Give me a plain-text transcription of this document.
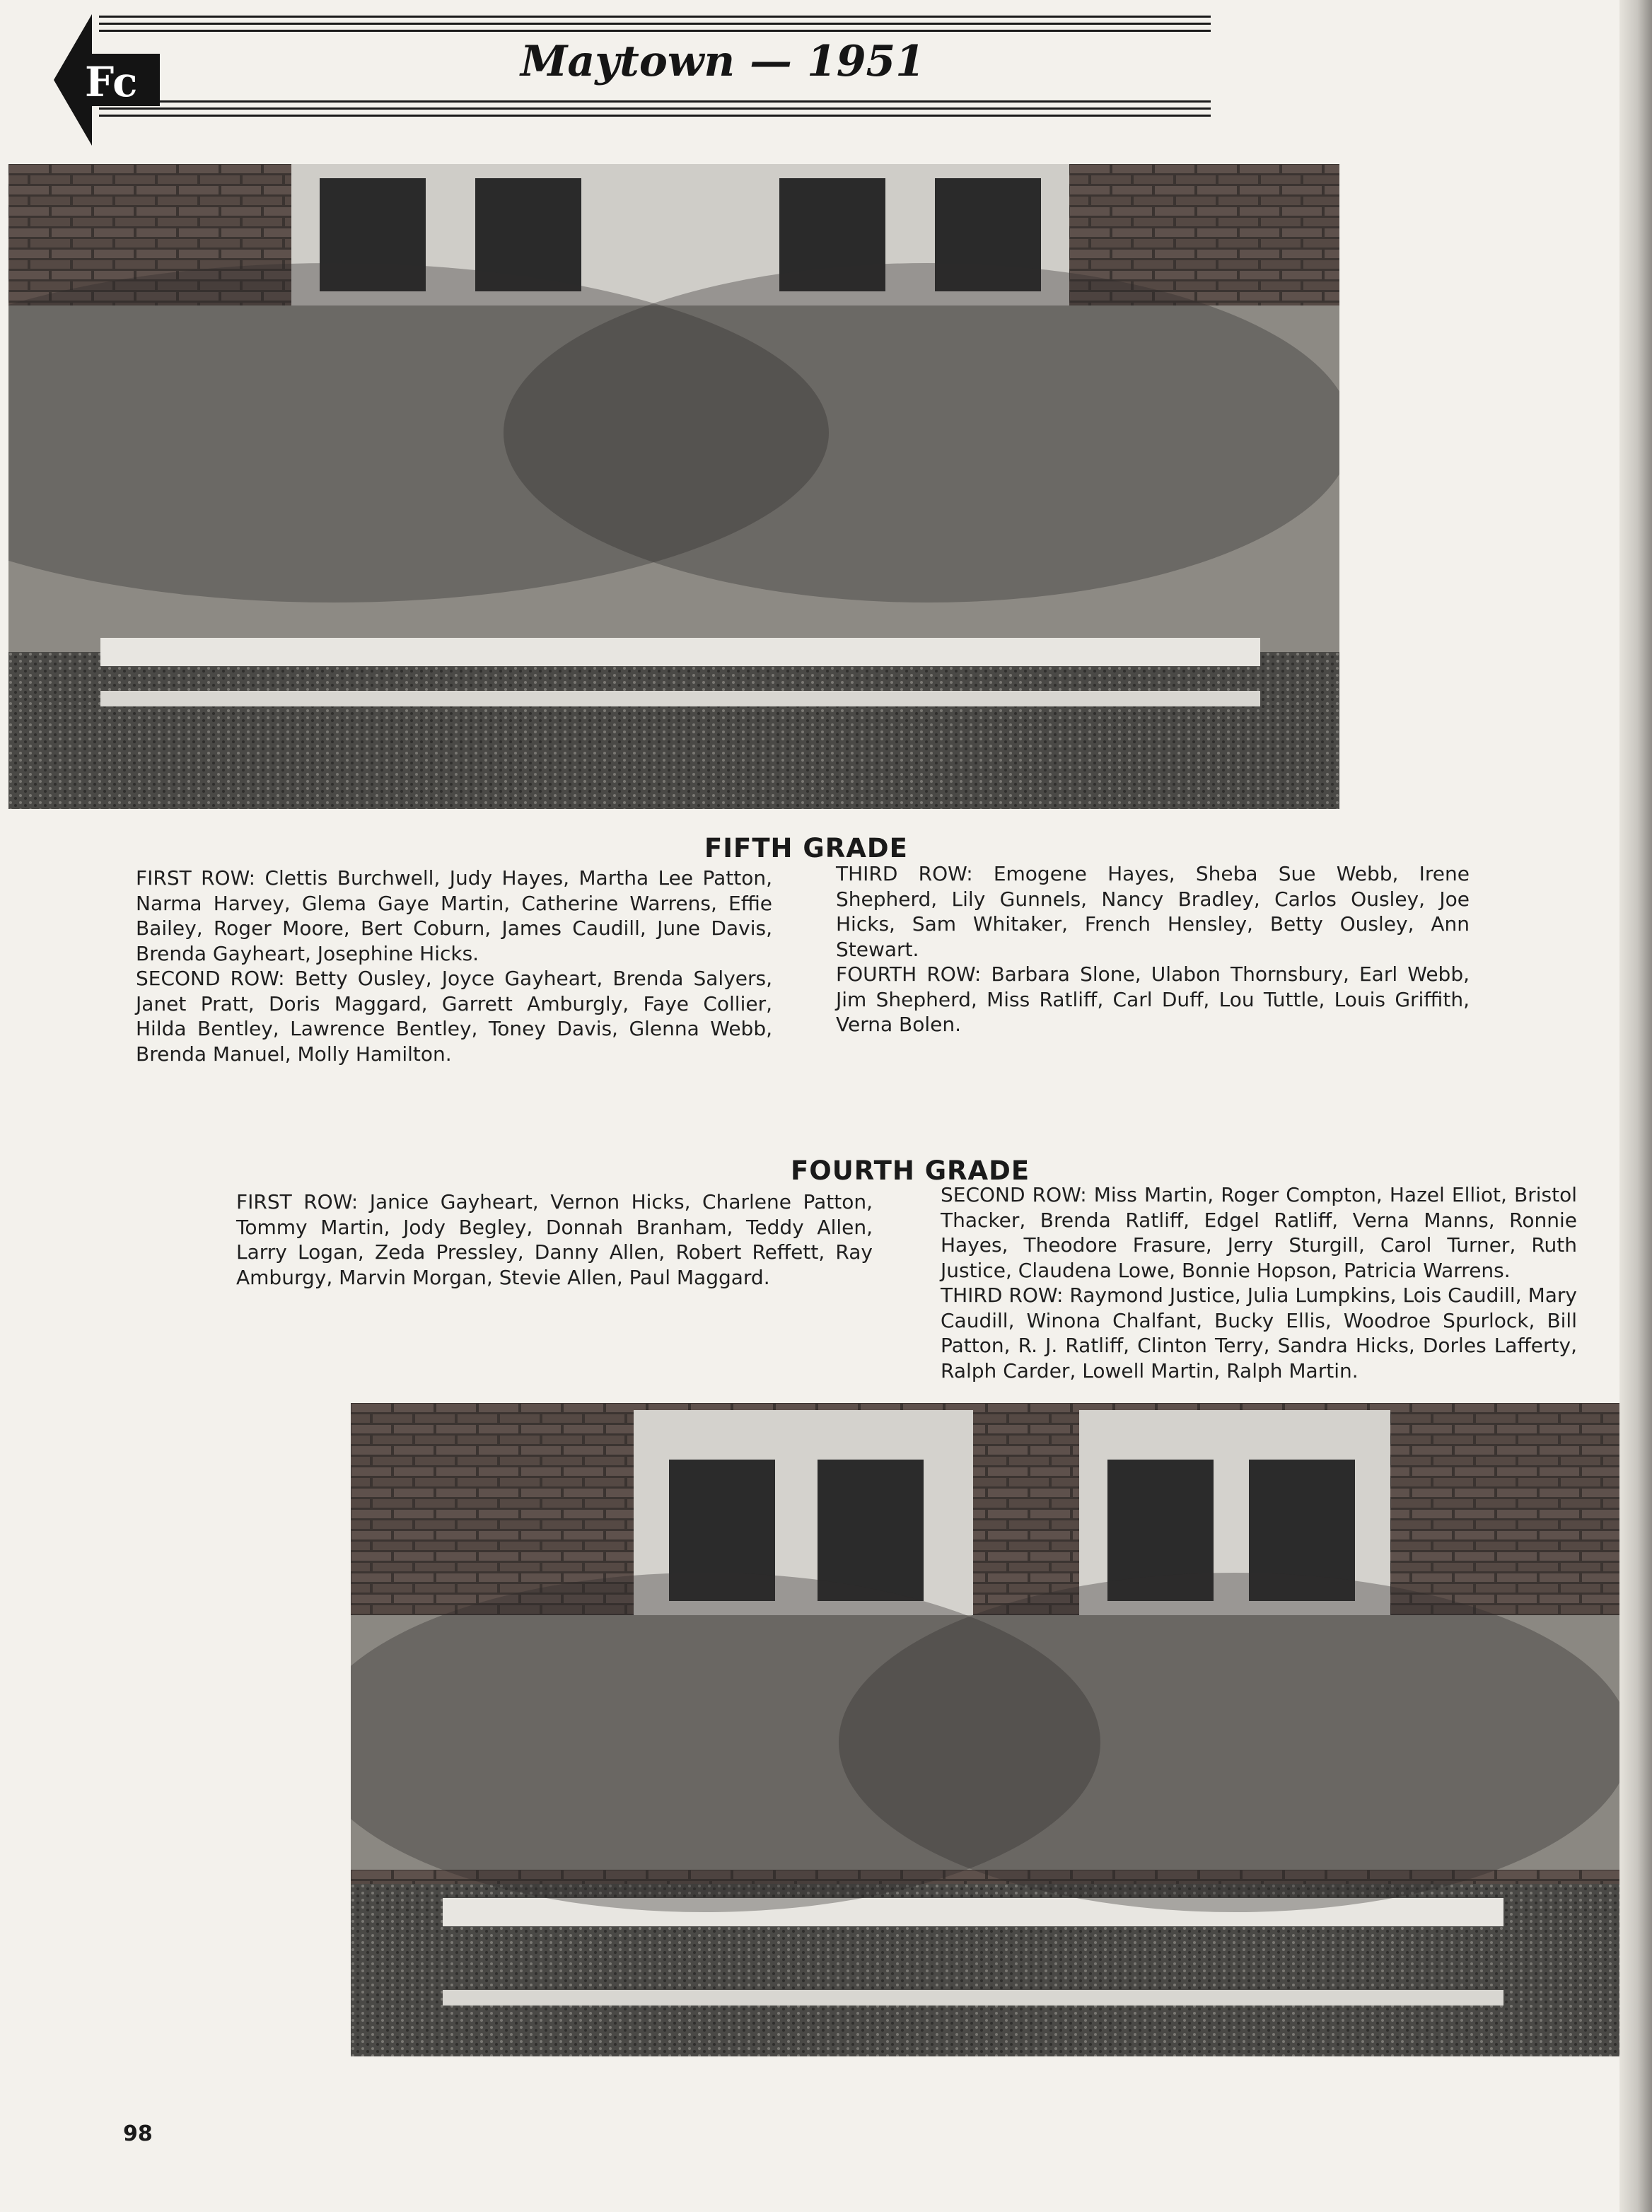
Fc	Maytown — 1951
FIFTH GRADE

FIRST ROW: Clettis Burchwell, Judy Hayes, Martha Lee Patton, Narma Harvey, Glema Gaye Martin, Catherine Warrens, Effie Bailey, Roger Moore, Bert Coburn, James Caudill, June Davis, Brenda Gayheart, Josephine Hicks.

SECOND ROW: Betty Ousley, Joyce Gayheart, Brenda Salyers, Janet Pratt, Doris Maggard, Garrett Amburgly, Faye Collier, Hilda Bentley, Lawrence Bentley, Toney Davis, Glenna Webb, Brenda Manuel, Molly Hamilton.

THIRD ROW: Emogene Hayes, Sheba Sue Webb, Irene Shepherd, Lily Gunnels, Nancy Bradley, Carlos Ousley, Joe Hicks, Sam Whitaker, French Hensley, Betty Ousley, Ann Stewart.

FOURTH ROW: Barbara Slone, Ulabon Thornsbury, Earl Webb, Jim Shepherd, Miss Ratliff, Carl Duff, Lou Tuttle, Louis Griffith, Verna Bolen.

FOURTH GRADE

FIRST ROW: Janice Gayheart, Vernon Hicks, Charlene Patton, Tommy Martin, Jody Begley, Donnah Branham, Teddy Allen, Larry Logan, Zeda Pressley, Danny Allen, Robert Reffett, Ray Amburgy, Marvin Morgan, Stevie Allen, Paul Maggard.

SECOND ROW: Miss Martin, Roger Compton, Hazel Elliot, Bristol Thacker, Brenda Ratliff, Edgel Ratliff, Verna Manns, Ronnie Hayes, Theodore Frasure, Jerry Sturgill, Carol Turner, Ruth Justice, Claudena Lowe, Bonnie Hopson, Patricia Warrens.

THIRD ROW: Raymond Justice, Julia Lumpkins, Lois Caudill, Mary Caudill, Winona Chalfant, Bucky Ellis, Woodroe Spurlock, Bill Patton, R. J. Ratliff, Clinton Terry, Sandra Hicks, Dorles Lafferty, Ralph Carder, Lowell Martin, Ralph Martin.

98
